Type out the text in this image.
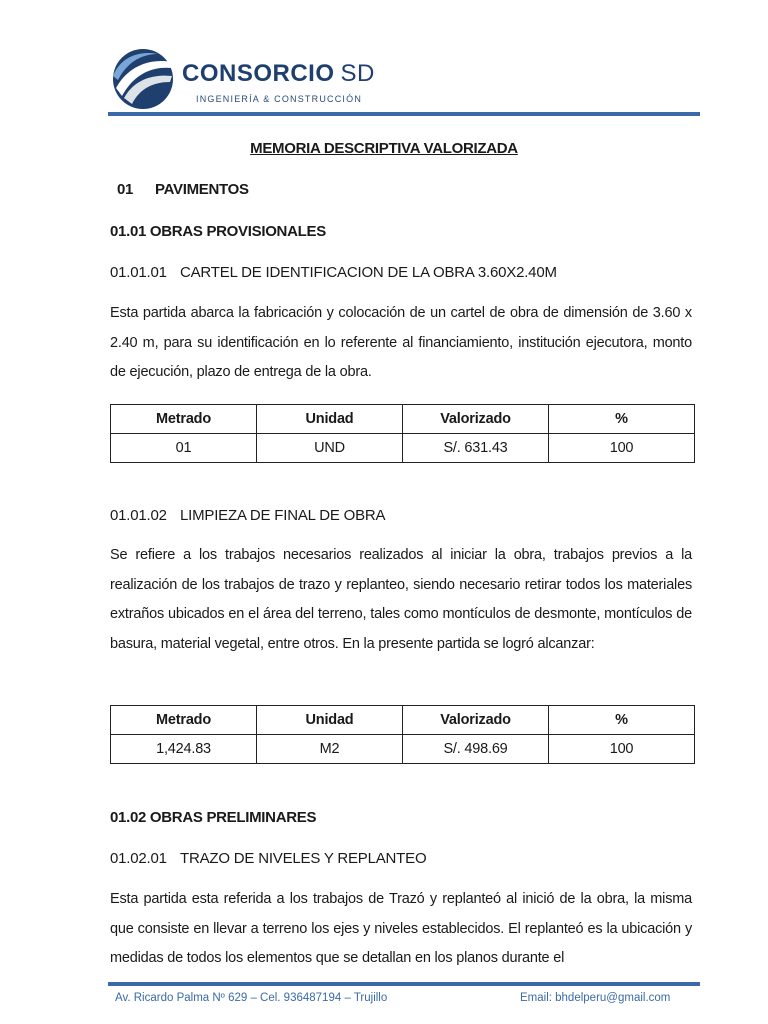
CONSORCIO SD
INGENIERÍA & CONSTRUCCIÓN
MEMORIA DESCRIPTIVA VALORIZADA
01 PAVIMENTOS
01.01 OBRAS PROVISIONALES
01.01.01 CARTEL DE IDENTIFICACION DE LA OBRA 3.60X2.40M
Esta partida abarca la fabricación y colocación de un cartel de obra de dimensión de 3.60 x 2.40 m, para su identificación en lo referente al financiamiento, institución ejecutora, monto de ejecución, plazo de entrega de la obra.
Metrado	Unidad	Valorizado	%
01	UND	S/. 631.43	100
01.01.02 LIMPIEZA DE FINAL DE OBRA
Se refiere a los trabajos necesarios realizados al iniciar la obra, trabajos previos a la realización de los trabajos de trazo y replanteo, siendo necesario retirar todos los materiales extraños ubicados en el área del terreno, tales como montículos de desmonte, montículos de basura, material vegetal, entre otros. En la presente partida se logró alcanzar:
Metrado	Unidad	Valorizado	%
1,424.83	M2	S/. 498.69	100
01.02 OBRAS PRELIMINARES
01.02.01 TRAZO DE NIVELES Y REPLANTEO
Esta partida esta referida a los trabajos de Trazó y replanteó al inició de la obra, la misma que consiste en llevar a terreno los ejes y niveles establecidos. El replanteó es la ubicación y medidas de todos los elementos que se detallan en los planos durante el
Av. Ricardo Palma Nº 629 – Cel. 936487194 – Trujillo	Email: bhdelperu@gmail.com
